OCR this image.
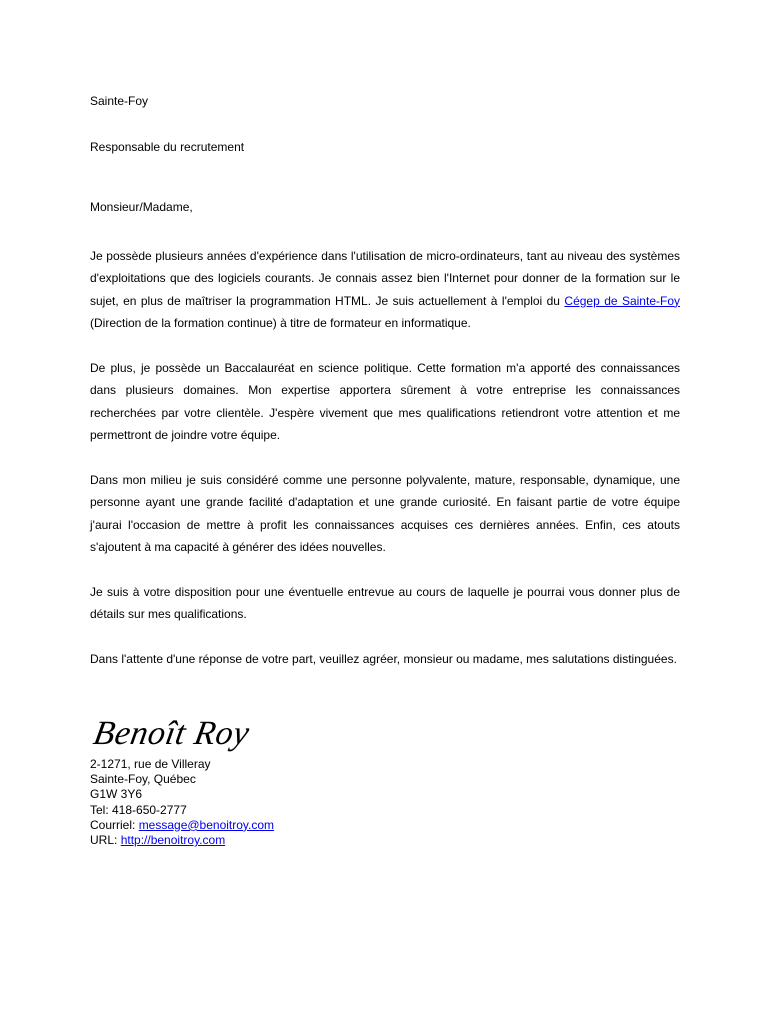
Sainte-Foy
Responsable du recrutement
Monsieur/Madame,
Je possède plusieurs années d'expérience dans l'utilisation de micro-ordinateurs, tant au niveau des systèmes d'exploitations que des logiciels courants. Je connais assez bien l'Internet pour donner de la formation sur le sujet, en plus de maîtriser la programmation HTML. Je suis actuellement à l'emploi du Cégep de Sainte-Foy (Direction de la formation continue) à titre de formateur en informatique.
De plus, je possède un Baccalauréat en science politique. Cette formation m'a apporté des connaissances dans plusieurs domaines. Mon expertise apportera sûrement à votre entreprise les connaissances recherchées par votre clientèle. J'espère vivement que mes qualifications retiendront votre attention et me permettront de joindre votre équipe.
Dans mon milieu je suis considéré comme une personne polyvalente, mature, responsable, dynamique, une personne ayant une grande facilité d'adaptation et une grande curiosité. En faisant partie de votre équipe j'aurai l'occasion de mettre à profit les connaissances acquises ces dernières années. Enfin, ces atouts s'ajoutent à ma capacité à générer des idées nouvelles.
Je suis à votre disposition pour une éventuelle entrevue au cours de laquelle je pourrai vous donner plus de détails sur mes qualifications.
Dans l'attente d'une réponse de votre part, veuillez agréer, monsieur ou madame, mes salutations distinguées.
Benoît Roy
2-1271, rue de Villeray
Sainte-Foy, Québec
G1W 3Y6
Tel: 418-650-2777
Courriel: message@benoitroy.com
URL: http://benoitroy.com
